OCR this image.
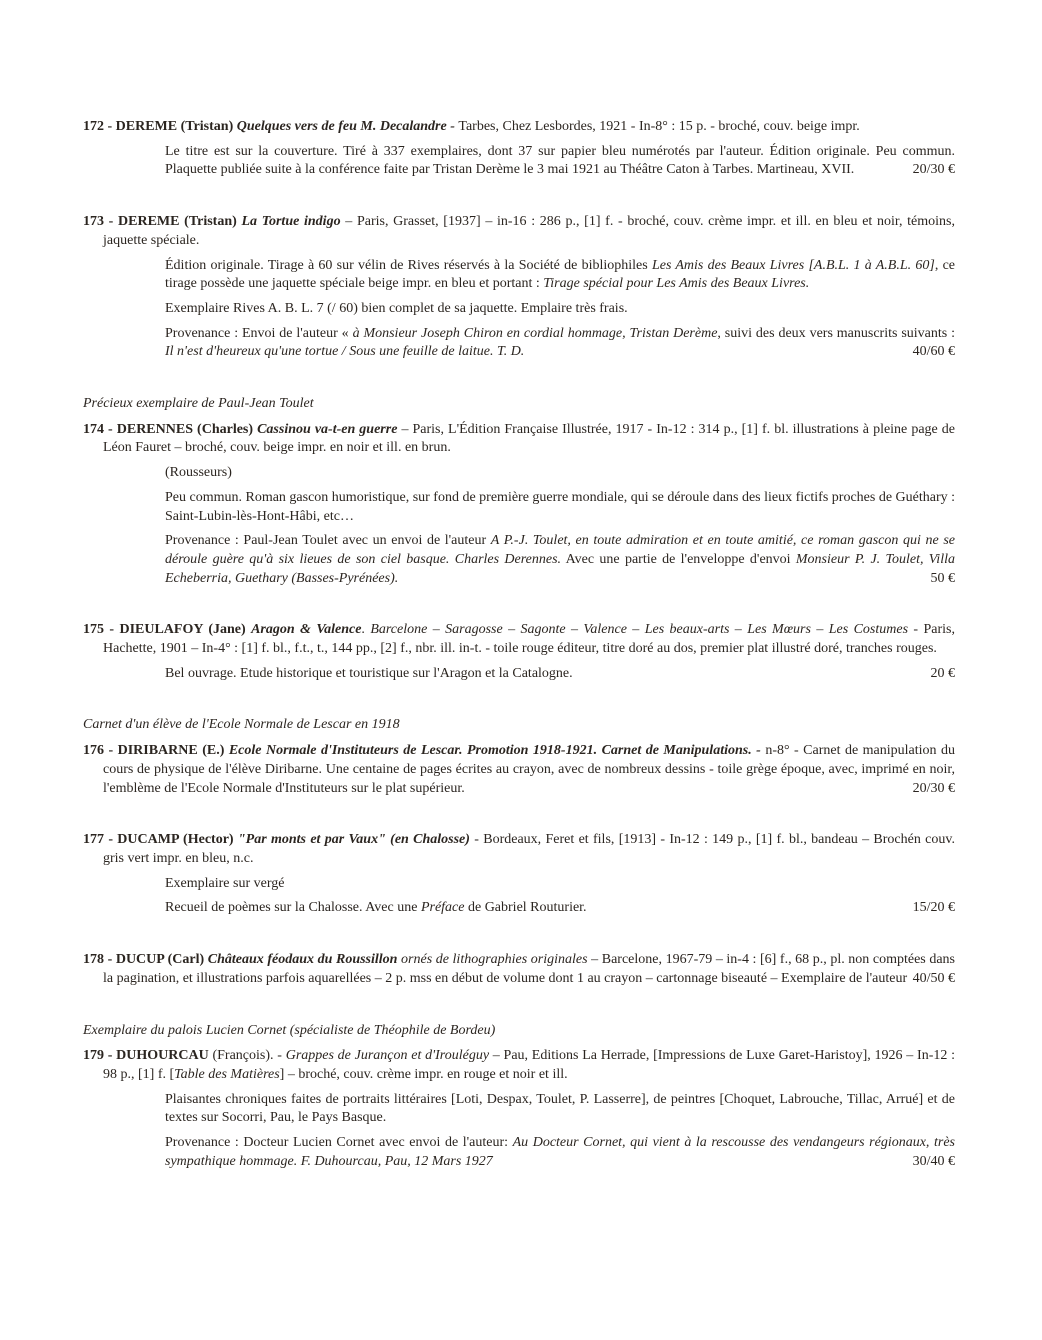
172 - DEREME (Tristan) Quelques vers de feu M. Decalandre - Tarbes, Chez Lesbordes, 1921 - In-8° : 15 p. - broché, couv. beige impr.

Le titre est sur la couverture. Tiré à 337 exemplaires, dont 37 sur papier bleu numérotés par l'auteur. Édition originale. Peu commun. Plaquette publiée suite à la conférence faite par Tristan Derème le 3 mai 1921 au Théâtre Caton à Tarbes. Martineau, XVII.	20/30 €

173 - DEREME (Tristan) La Tortue indigo – Paris, Grasset, [1937] – in-16 : 286 p., [1] f. - broché, couv. crème impr. et ill. en bleu et noir, témoins, jaquette spéciale.

Édition originale. Tirage à 60 sur vélin de Rives réservés à la Société de bibliophiles Les Amis des Beaux Livres [A.B.L. 1 à A.B.L. 60], ce tirage possède une jaquette spéciale beige impr. en bleu et portant : Tirage spécial pour Les Amis des Beaux Livres.

Exemplaire Rives A. B. L. 7 (/ 60) bien complet de sa jaquette. Emplaire très frais.

Provenance : Envoi de l'auteur « à Monsieur Joseph Chiron en cordial hommage, Tristan Derème, suivi des deux vers manuscrits suivants : Il n'est d'heureux qu'une tortue / Sous une feuille de laitue. T. D.	40/60 €

Précieux exemplaire de Paul-Jean Toulet

174 - DERENNES (Charles) Cassinou va-t-en guerre – Paris, L'Édition Française Illustrée, 1917 - In-12 : 314 p., [1] f. bl. illustrations à pleine page de Léon Fauret – broché, couv. beige impr. en noir et ill. en brun.

(Rousseurs)

Peu commun. Roman gascon humoristique, sur fond de première guerre mondiale, qui se déroule dans des lieux fictifs proches de Guéthary : Saint-Lubin-lès-Hont-Hâbi, etc…

Provenance : Paul-Jean Toulet avec un envoi de l'auteur A P.-J. Toulet, en toute admiration et en toute amitié, ce roman gascon qui ne se déroule guère qu'à six lieues de son ciel basque. Charles Derennes. Avec une partie de l'enveloppe d'envoi Monsieur P. J. Toulet, Villa Echeberria, Guethary (Basses-Pyrénées).	50 €

175 - DIEULAFOY (Jane) Aragon & Valence. Barcelone – Saragosse – Sagonte – Valence – Les beaux-arts – Les Mœurs – Les Costumes - Paris, Hachette, 1901 – In-4° : [1] f. bl., f.t., t., 144 pp., [2] f., nbr. ill. in-t. - toile rouge éditeur, titre doré au dos, premier plat illustré doré, tranches rouges.

Bel ouvrage. Etude historique et touristique sur l'Aragon et la Catalogne.	20 €

Carnet d'un élève de l'Ecole Normale de Lescar en 1918

176 - DIRIBARNE (E.) Ecole Normale d'Instituteurs de Lescar. Promotion 1918-1921. Carnet de Manipulations. - n-8° - Carnet de manipulation du cours de physique de l'élève Diribarne. Une centaine de pages écrites au crayon, avec de nombreux dessins - toile grège époque, avec, imprimé en noir, l'emblème de l'Ecole Normale d'Instituteurs sur le plat supérieur.	20/30 €

177 - DUCAMP (Hector) "Par monts et par Vaux" (en Chalosse) - Bordeaux, Feret et fils, [1913] - In-12 : 149 p., [1] f. bl., bandeau – Brochén couv. gris vert impr. en bleu, n.c.

Exemplaire sur vergé

Recueil de poèmes sur la Chalosse. Avec une Préface de Gabriel Routurier.	15/20 €

178 - DUCUP (Carl) Châteaux féodaux du Roussillon ornés de lithographies originales – Barcelone, 1967-79 – in-4 : [6] f., 68 p., pl. non comptées dans la pagination, et illustrations parfois aquarellées – 2 p. mss en début de volume dont 1 au crayon – cartonnage biseauté – Exemplaire de l'auteur 40/50 €

Exemplaire du palois Lucien Cornet (spécialiste de Théophile de Bordeu)

179 - DUHOURCAU (François). - Grappes de Jurançon et d'Irouléguy – Pau, Editions La Herrade, [Impressions de Luxe Garet-Haristoy], 1926 – In-12 : 98 p., [1] f. [Table des Matières] – broché, couv. crème impr. en rouge et noir et ill.

Plaisantes chroniques faites de portraits littéraires [Loti, Despax, Toulet, P. Lasserre], de peintres [Choquet, Labrouche, Tillac, Arrué] et de textes sur Socorri, Pau, le Pays Basque.

Provenance : Docteur Lucien Cornet avec envoi de l'auteur: Au Docteur Cornet, qui vient à la rescousse des vendangeurs régionaux, très sympathique hommage. F. Duhourcau, Pau, 12 Mars 1927	30/40 €
